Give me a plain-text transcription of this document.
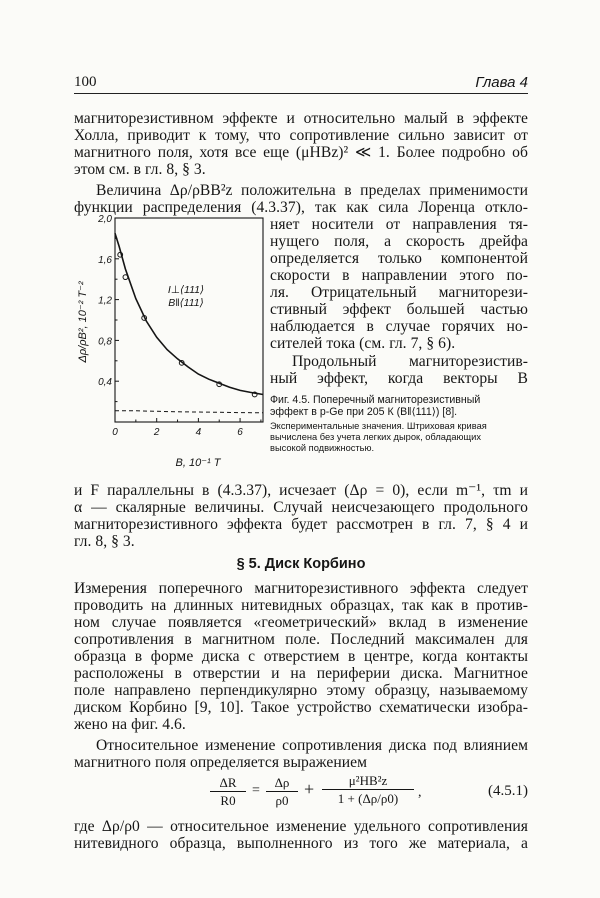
100	Глава 4
магниторезистивном эффекте и относительно малый в эффекте
Холла, приводит к тому, что сопротивление сильно зависит от
магнитного поля, хотя все еще (μHBz)² ≪ 1. Более подробно об
этом см. в гл. 8, § 3.
Величина Δρ/ρBB²z положительна в пределах применимости
функции распределения (4.3.37), так как сила Лоренца откло-
няет носители от направления тя-
нущего поля, а скорость дрейфа
определяется только компонентой
скорости в направлении этого по-
ля. Отрицательный магниторези-
стивный эффект большей частью
наблюдается в случае горячих но-
сителей тока (см. гл. 7, § 6).
Продольный магниторезистив-
ный эффект, когда векторы B
Δρ/ρB², 10⁻² T⁻²
B, 10⁻¹ T
0,4
0,8
1,2
1,6
2,0
0	2	4	6
I⊥⟨111⟩
B‖⟨111⟩
Фиг. 4.5. Поперечный магниторезистивный
эффект в p-Ge при 205 К (B‖⟨111⟩) [8].
Экспериментальные значения. Штриховая кривая
вычислена без учета легких дырок, обладающих
высокой подвижностью.
и F параллельны в (4.3.37), исчезает (Δρ = 0), если m⁻¹, τm и
α — скалярные величины. Случай неисчезающего продольного
магниторезистивного эффекта будет рассмотрен в гл. 7, § 4 и
гл. 8, § 3.
§ 5. Диск Корбино
Измерения поперечного магниторезистивного эффекта следует
проводить на длинных нитевидных образцах, так как в против-
ном случае появляется «геометрический» вклад в изменение
сопротивления в магнитном поле. Последний максимален для
образца в форме диска с отверстием в центре, когда контакты
расположены в отверстии и на периферии диска. Магнитное
поле направлено перпендикулярно этому образцу, называемому
диском Корбино [9, 10]. Такое устройство схематически изобра-
жено на фиг. 4.6.
Относительное изменение сопротивления диска под влиянием
магнитного поля определяется выражением
ΔR
R0
=
Δρ
ρ0
+	μ²HB²z
1 + (Δρ/ρ0)	,	(4.5.1)
где Δρ/ρ0 — относительное изменение удельного сопротивления
нитевидного образца, выполненного из того же материала, а
